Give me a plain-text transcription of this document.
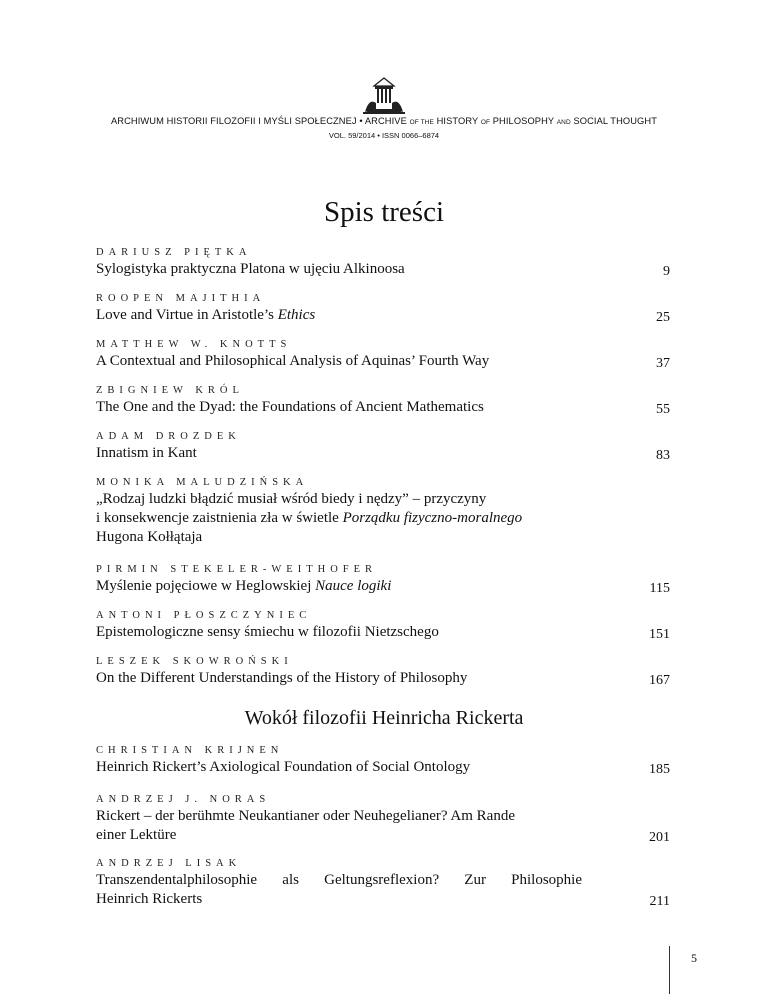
ARCHIWUM HISTORII FILOZOFII I MYŚLI SPOŁECZNEJ • ARCHIVE OF THE HISTORY OF PHILOSOPHY AND SOCIAL THOUGHT
VOL. 59/2014 • ISSN 0066–6874
Spis treści
DARIUSZ PIĘTKA
Sylogistyka praktyczna Platona w ujęciu Alkinoosa	9
ROOPEN MAJITHIA
Love and Virtue in Aristotle’s Ethics	25
MATTHEW W. KNOTTS
A Contextual and Philosophical Analysis of Aquinas’ Fourth Way	37
ZBIGNIEW KRÓL
The One and the Dyad: the Foundations of Ancient Mathematics	55
ADAM DROZDEK
Innatism in Kant	83
MONIKA MALUDZIŃSKA
„Rodzaj ludzki błądzić musiał wśród biedy i nędzy” – przyczyny
i konsekwencje zaistnienia zła w świetle Porządku fizyczno-moralnego
Hugona Kołłątaja
PIRMIN STEKELER-WEITHOFER
Myślenie pojęciowe w Heglowskiej Nauce logiki	115
ANTONI PŁOSZCZYNIEC
Epistemologiczne sensy śmiechu w filozofii Nietzschego	151
LESZEK SKOWROŃSKI
On the Different Understandings of the History of Philosophy	167
Wokół filozofii Heinricha Rickerta
CHRISTIAN KRIJNEN
Heinrich Rickert’s Axiological Foundation of Social Ontology	185
ANDRZEJ J. NORAS
Rickert – der berühmte Neukantianer oder Neuhegelianer? Am Rande
einer Lektüre	201
ANDRZEJ LISAK
Transzendentalphilosophie als Geltungsreflexion? Zur Philosophie
Heinrich Rickerts	211
5
